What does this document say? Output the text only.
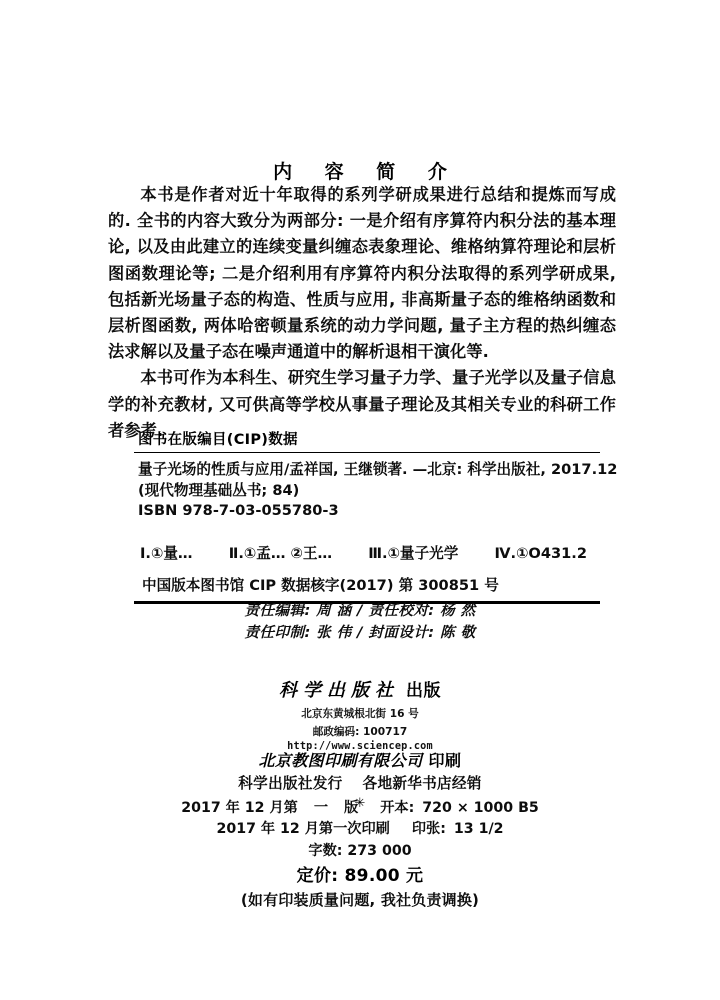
内 容 简 介

本书是作者对近十年取得的系列学研成果进行总结和提炼而写成的. 全书的内容大致分为两部分: 一是介绍有序算符内积分法的基本理论, 以及由此建立的连续变量纠缠态表象理论、维格纳算符理论和层析图函数理论等; 二是介绍利用有序算符内积分法取得的系列学研成果, 包括新光场量子态的构造、性质与应用, 非高斯量子态的维格纳函数和层析图函数, 两体哈密顿量系统的动力学问题, 量子主方程的热纠缠态法求解以及量子态在噪声通道中的解析退相干演化等.

本书可作为本科生、研究生学习量子力学、量子光学以及量子信息学的补充教材, 又可供高等学校从事量子理论及其相关专业的科研工作者参考.

图书在版编目(CIP)数据
量子光场的性质与应用/孟祥国, 王继锁著. —北京: 科学出版社, 2017.12
(现代物理基础丛书; 84)
ISBN 978-7-03-055780-3
Ⅰ.①量… Ⅱ.①孟… ②王… Ⅲ.①量子光学 Ⅳ.①O431.2
中国版本图书馆 CIP 数据核字(2017) 第 300851 号
责任编辑: 周 涵 / 责任校对: 杨 然
责任印制: 张 伟 / 封面设计: 陈 敬
科学出版社 出版
北京东黄城根北街 16 号
邮政编码: 100717
http://www.sciencep.com
北京教图印刷有限公司 印刷
科学出版社发行 各地新华书店经销
✳
2017 年 12 月第 一 版 开本: 720 × 1000 B5
2017 年 12 月第一次印刷 印张: 13 1/2
字数: 273 000
定价: 89.00 元
(如有印装质量问题, 我社负责调换)
